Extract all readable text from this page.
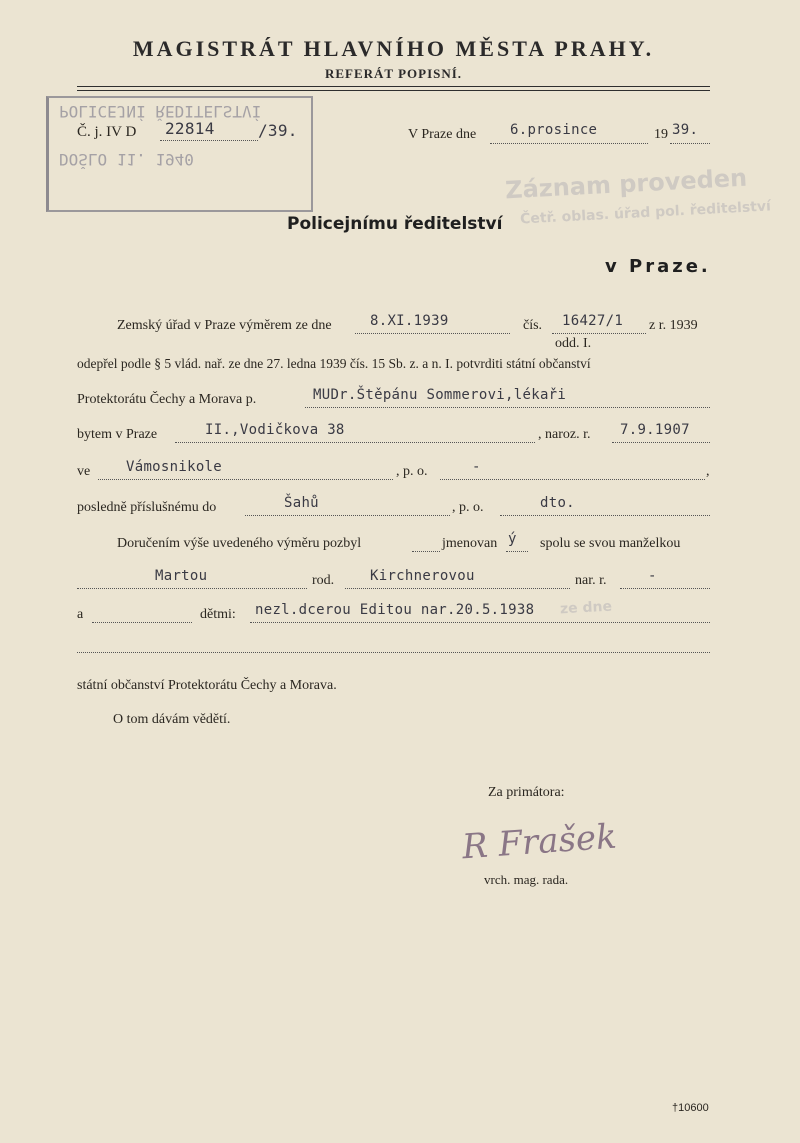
Záznam proveden
Četř. oblas. úřad pol. ředitelství
ze dne
MAGISTRÁT HLAVNÍHO MĚSTA PRAHY.
REFERÁT POPISNÍ.
POLICEJNÍ ŘEDITELSTVÍ
DOŠLO 11. 1940
Č. j. IV D 22814	/39.	V Praze dne 6.prosince	19 39.
Policejnímu ředitelství
v Praze.
Zemský úřad v Praze výměrem ze dne	8.XI.1939	čís. 16427/1 z r. 1939
odd. I.
odepřel podle § 5 vlád. nař. ze dne 27. ledna 1939 čís. 15 Sb. z. a n. I. potvrditi státní občanství
Protektorátu Čechy a Morava p.	MUDr.Štěpánu Sommerovi,lékaři
bytem v Praze	II.,Vodičkova 38	, naroz. r. 7.9.1907
ve	Vámosnikole	, p. o.	-	,
posledně příslušnému do	Šahů	, p. o.	dto.
Doručením výše uvedeného výměru pozbyl	jmenovan ý spolu se svou manželkou
Martou	rod.	Kirchnerovou	nar. r.	-
a	dětmi: nezl.dcerou Editou nar.20.5.1938
státní občanství Protektorátu Čechy a Morava.
O tom dávám vědětí.
Za primátora:
R Frašek
vrch. mag. rada.
†10600
